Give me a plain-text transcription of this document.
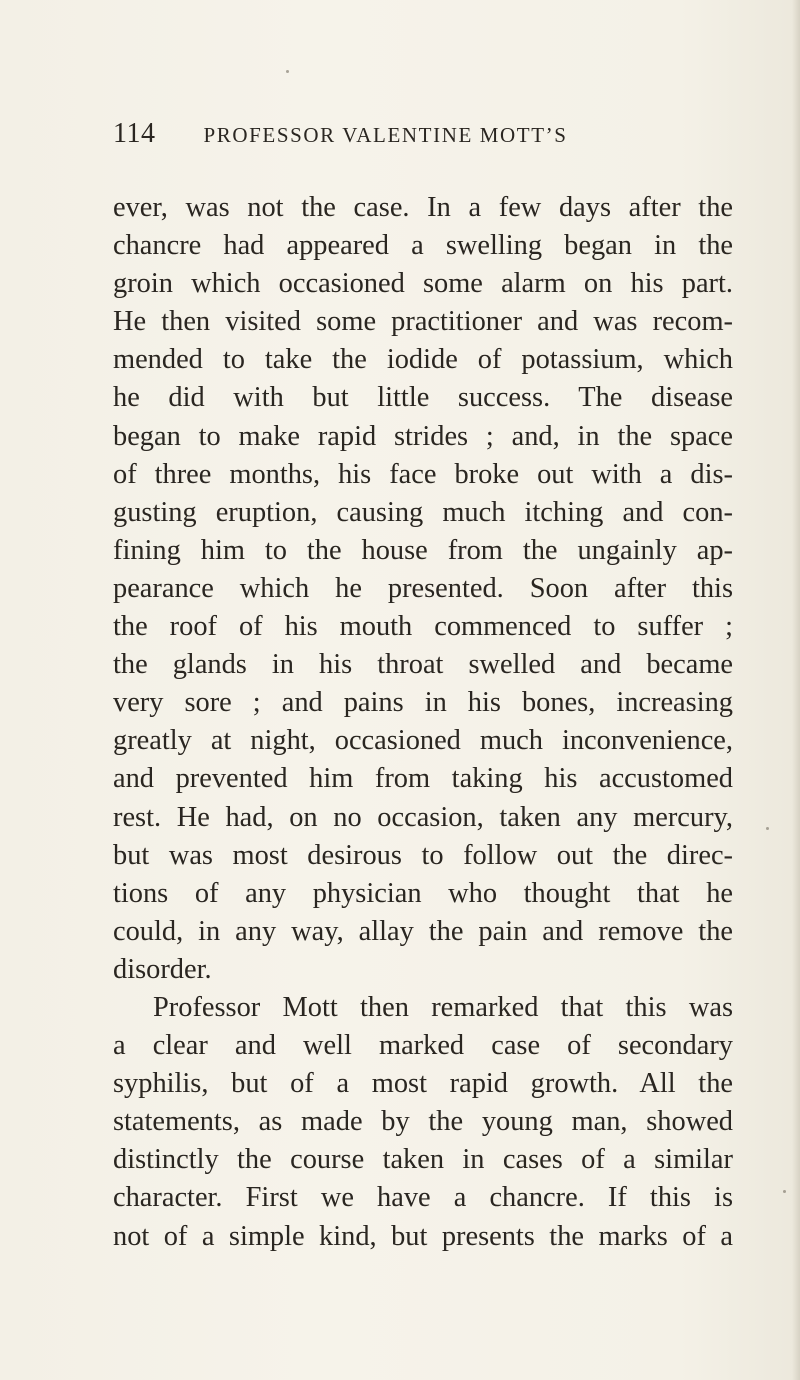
114 PROFESSOR VALENTINE MOTT’S
ever, was not the case. In a few days after the
chancre had appeared a swelling began in the
groin which occasioned some alarm on his part.
He then visited some practitioner and was recom-
mended to take the iodide of potassium, which
he did with but little success. The disease
began to make rapid strides ; and, in the space
of three months, his face broke out with a dis-
gusting eruption, causing much itching and con-
fining him to the house from the ungainly ap-
pearance which he presented. Soon after this
the roof of his mouth commenced to suffer ;
the glands in his throat swelled and became
very sore ; and pains in his bones, increasing
greatly at night, occasioned much inconvenience,
and prevented him from taking his accustomed
rest. He had, on no occasion, taken any mercury,
but was most desirous to follow out the direc-
tions of any physician who thought that he
could, in any way, allay the pain and remove the
disorder.
Professor Mott then remarked that this was
a clear and well marked case of secondary
syphilis, but of a most rapid growth. All the
statements, as made by the young man, showed
distinctly the course taken in cases of a similar
character. First we have a chancre. If this is
not of a simple kind, but presents the marks of a
